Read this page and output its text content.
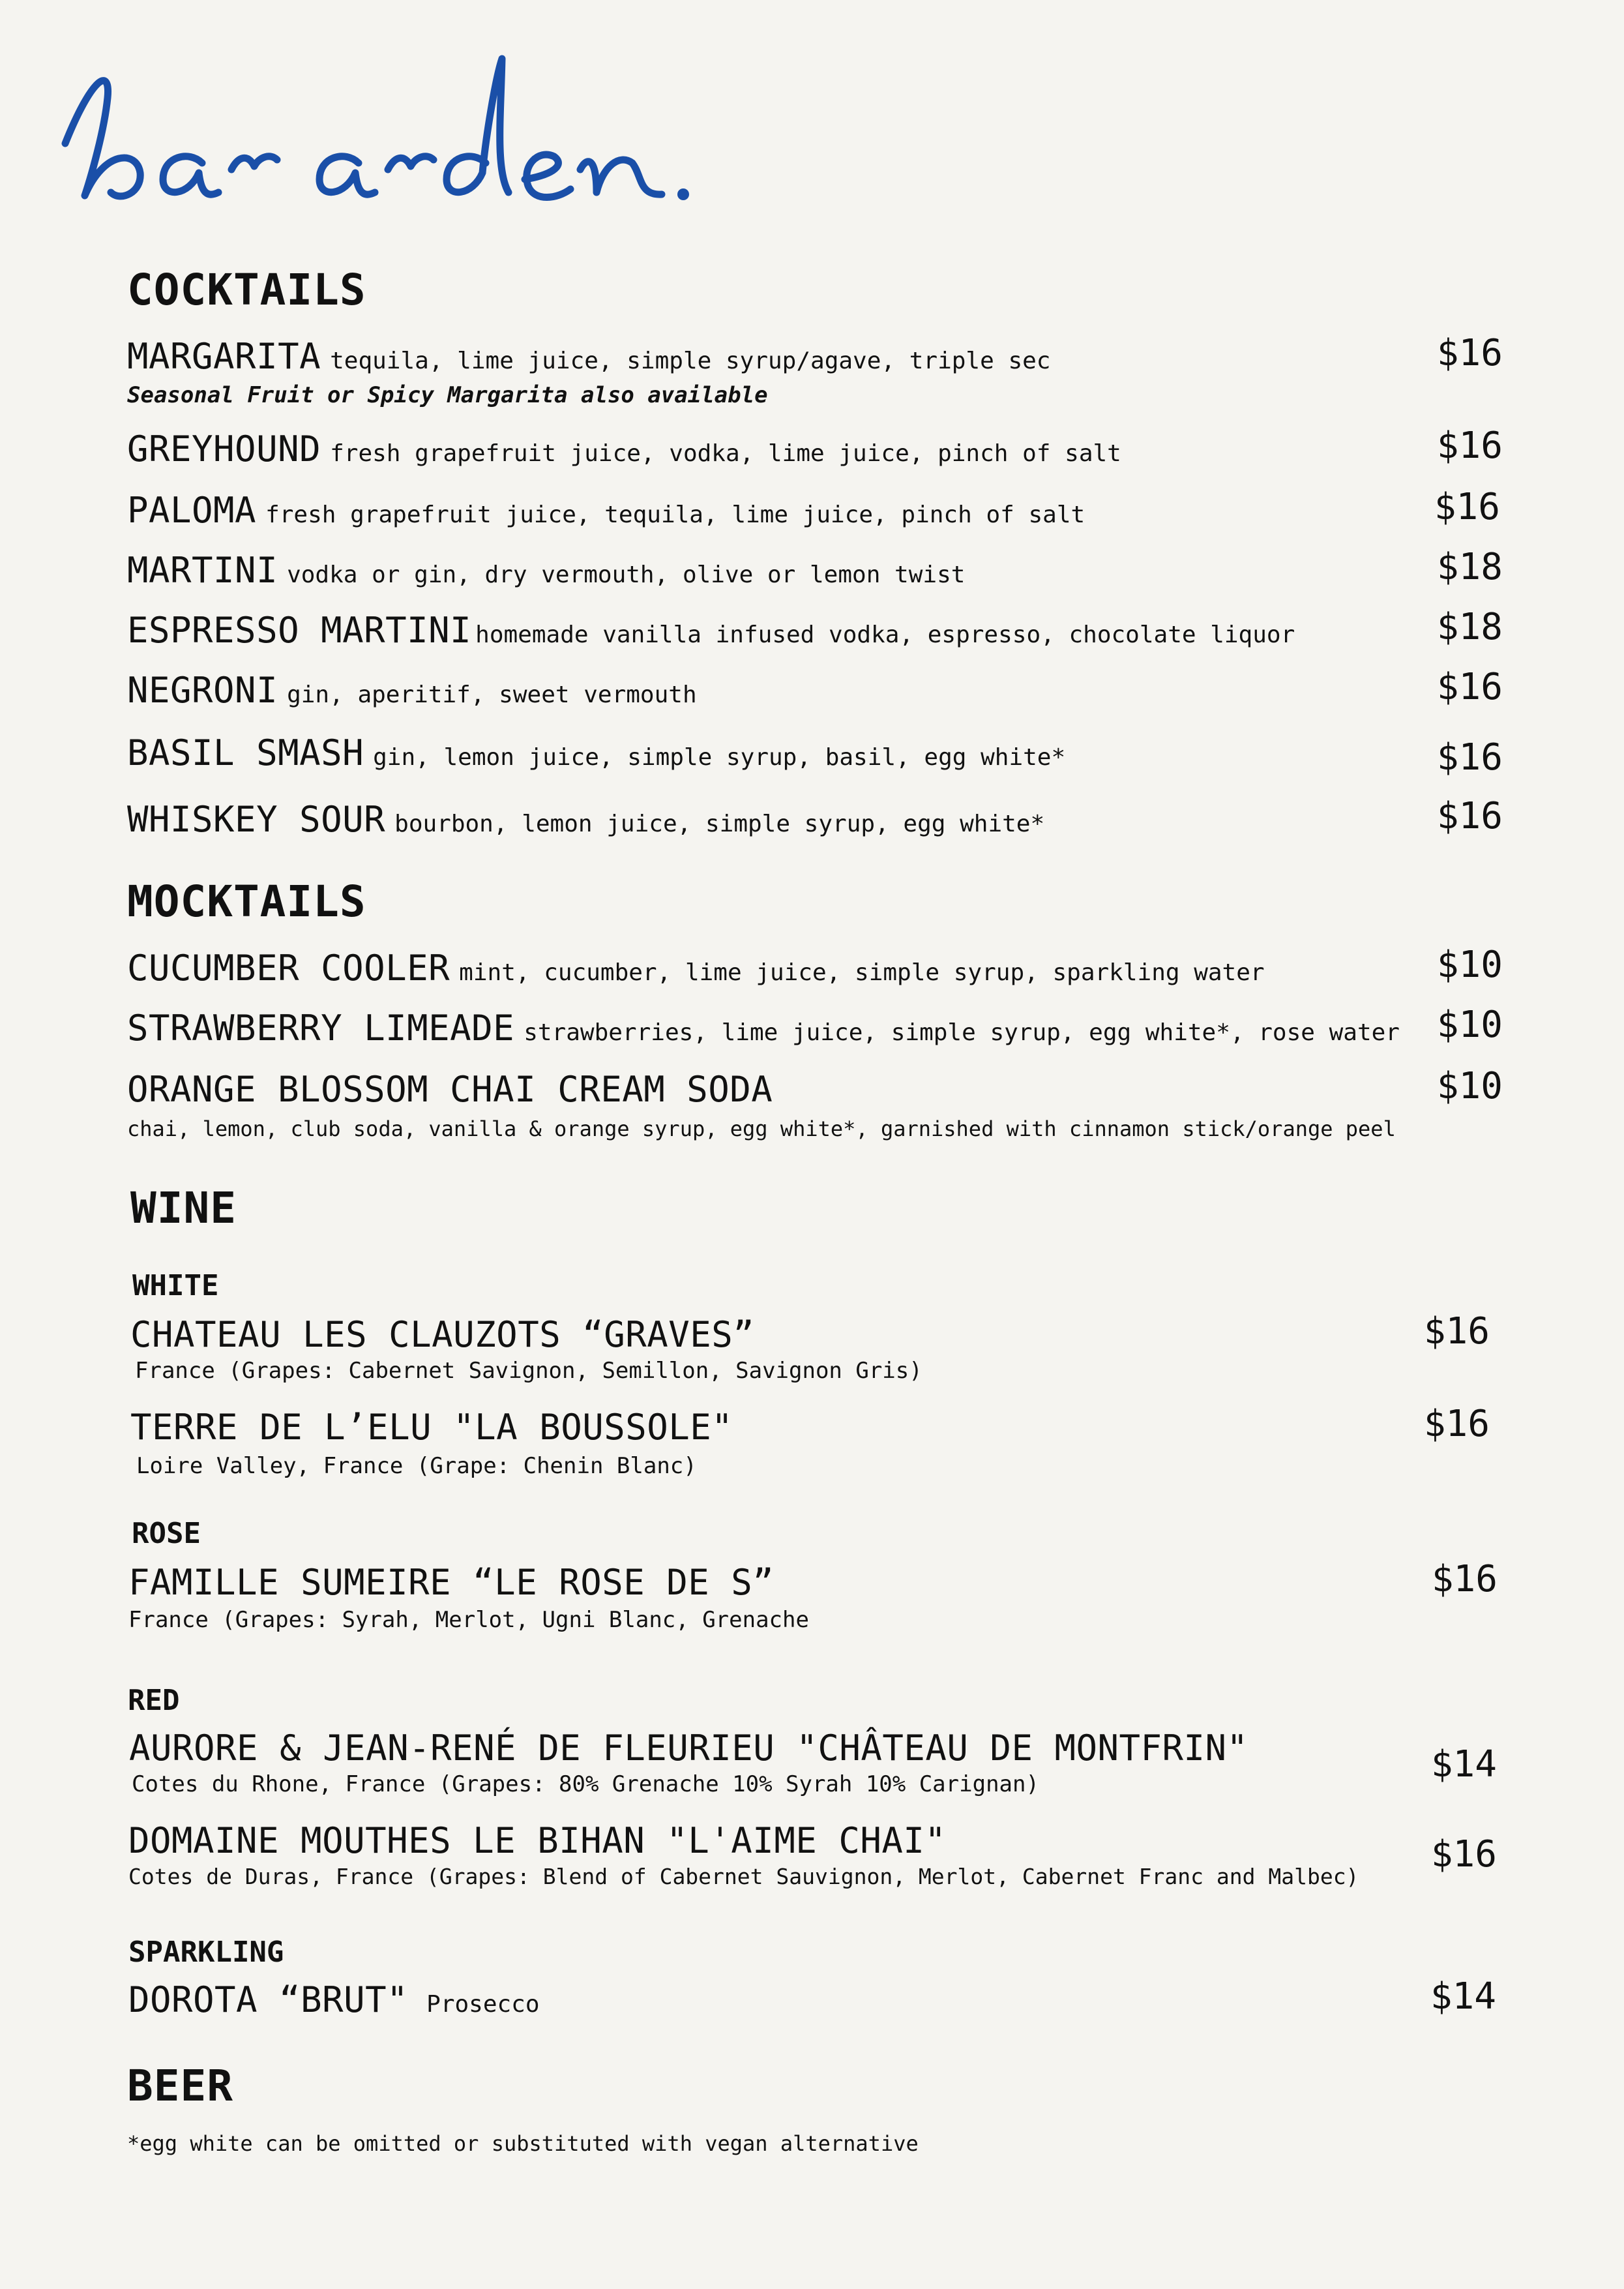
COCKTAILS
MARGARITA tequila, lime juice, simple syrup/agave, triple sec
Seasonal Fruit or Spicy Margarita also available
$16
GREYHOUND fresh grapefruit juice, vodka, lime juice, pinch of salt	$16
PALOMA fresh grapefruit juice, tequila, lime juice, pinch of salt	$16
MARTINI vodka or gin, dry vermouth, olive or lemon twist	$18
ESPRESSO MARTINI homemade vanilla infused vodka, espresso, chocolate liquor	$18
NEGRONI gin, aperitif, sweet vermouth	$16
BASIL SMASH gin, lemon juice, simple syrup, basil, egg white*	$16
WHISKEY SOUR bourbon, lemon juice, simple syrup, egg white*	$16
MOCKTAILS
CUCUMBER COOLER mint, cucumber, lime juice, simple syrup, sparkling water	$10
STRAWBERRY LIMEADE strawberries, lime juice, simple syrup, egg white*, rose water $10
ORANGE BLOSSOM CHAI CREAM SODA
chai, lemon, club soda, vanilla & orange syrup, egg white*, garnished with cinnamon stick/orange peel
$10
WINE
WHITE
CHATEAU LES CLAUZOTS “GRAVES”
France (Grapes: Cabernet Savignon, Semillon, Savignon Gris)
$16
TERRE DE L’ELU "LA BOUSSOLE"
Loire Valley, France (Grape: Chenin Blanc)
$16
ROSE
FAMILLE SUMEIRE “LE ROSE DE S”
France (Grapes: Syrah, Merlot, Ugni Blanc, Grenache
$16
RED
AURORE & JEAN-RENÉ DE FLEURIEU "CHÂTEAU DE MONTFRIN"
Cotes du Rhone, France (Grapes: 80% Grenache 10% Syrah 10% Carignan)	$14
DOMAINE MOUTHES LE BIHAN "L'AIME CHAI"
Cotes de Duras, France (Grapes: Blend of Cabernet Sauvignon, Merlot, Cabernet Franc and Malbec)
$16
SPARKLING
DOROTA “BRUT" Prosecco	$14
BEER
*egg white can be omitted or substituted with vegan alternative
